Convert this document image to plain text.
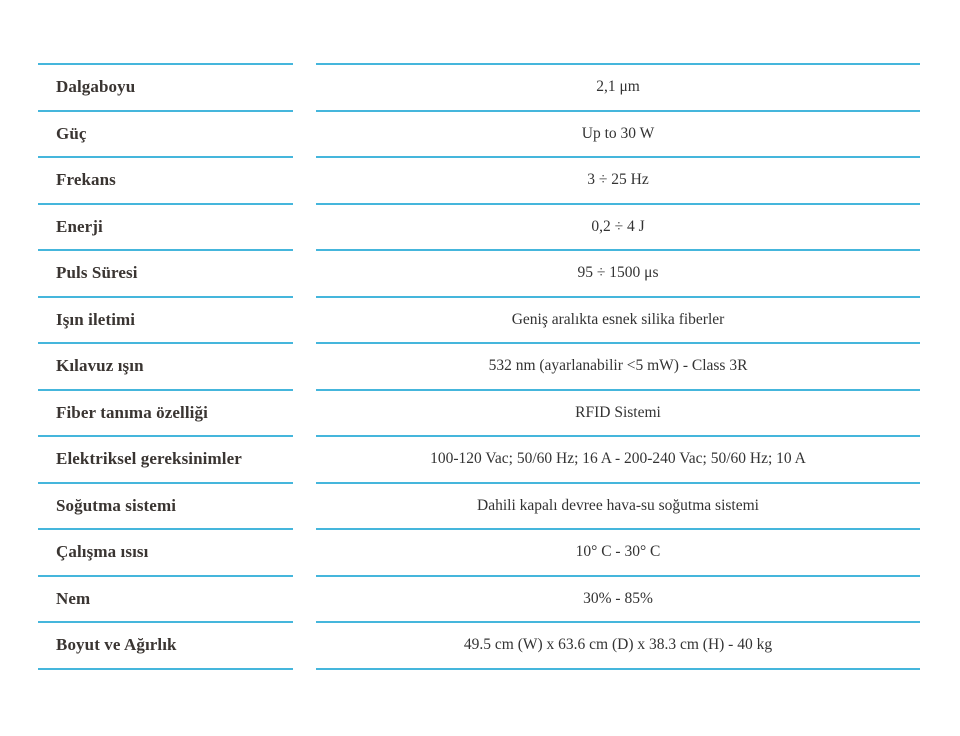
Dalgaboyu	2,1 μm
Güç	Up to 30 W
Frekans	3 ÷ 25 Hz
Enerji	0,2 ÷ 4 J
Puls Süresi	95 ÷ 1500 μs
Işın iletimi	Geniş aralıkta esnek silika fiberler
Kılavuz ışın	532 nm (ayarlanabilir <5 mW) - Class 3R
Fiber tanıma özelliği	RFID Sistemi
Elektriksel gereksinimler	100-120 Vac; 50/60 Hz; 16 A - 200-240 Vac; 50/60 Hz; 10 A
Soğutma sistemi	Dahili kapalı devree hava-su soğutma sistemi
Çalışma ısısı	10° C - 30° C
Nem	30% - 85%
Boyut ve Ağırlık	49.5 cm (W) x 63.6 cm (D) x 38.3 cm (H) - 40 kg
